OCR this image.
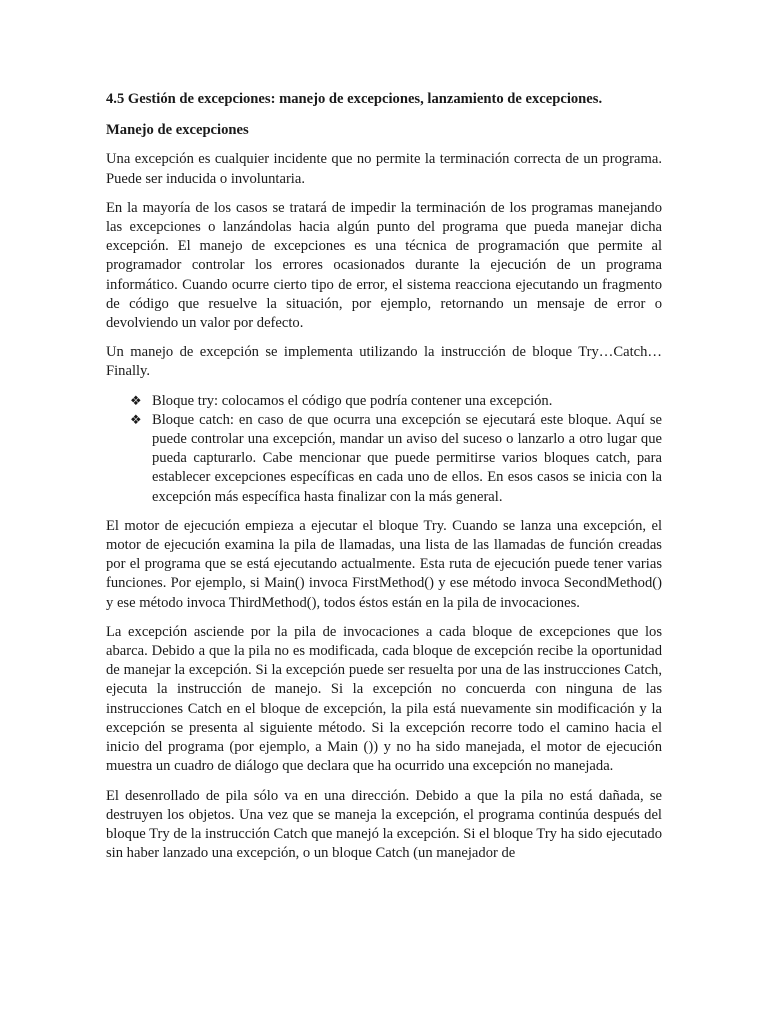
4.5 Gestión de excepciones: manejo de excepciones, lanzamiento de excepciones.
Manejo de excepciones

Una excepción es cualquier incidente que no permite la terminación correcta de un programa. Puede ser inducida o involuntaria.

En la mayoría de los casos se tratará de impedir la terminación de los programas manejando las excepciones o lanzándolas hacia algún punto del programa que pueda manejar dicha excepción. El manejo de excepciones es una técnica de programación que permite al programador controlar los errores ocasionados durante la ejecución de un programa informático. Cuando ocurre cierto tipo de error, el sistema reacciona ejecutando un fragmento de código que resuelve la situación, por ejemplo, retornando un mensaje de error o devolviendo un valor por defecto.

Un manejo de excepción se implementa utilizando la instrucción de bloque Try…Catch…Finally.

❖ Bloque try: colocamos el código que podría contener una excepción.
❖ Bloque catch: en caso de que ocurra una excepción se ejecutará este bloque. Aquí se puede controlar una excepción, mandar un aviso del suceso o lanzarlo a otro lugar que pueda capturarlo. Cabe mencionar que puede permitirse varios bloques catch, para establecer excepciones específicas en cada uno de ellos. En esos casos se inicia con la excepción más específica hasta finalizar con la más general.

El motor de ejecución empieza a ejecutar el bloque Try. Cuando se lanza una excepción, el motor de ejecución examina la pila de llamadas, una lista de las llamadas de función creadas por el programa que se está ejecutando actualmente. Esta ruta de ejecución puede tener varias funciones. Por ejemplo, si Main() invoca FirstMethod() y ese método invoca SecondMethod() y ese método invoca ThirdMethod(), todos éstos están en la pila de invocaciones.

La excepción asciende por la pila de invocaciones a cada bloque de excepciones que los abarca. Debido a que la pila no es modificada, cada bloque de excepción recibe la oportunidad de manejar la excepción. Si la excepción puede ser resuelta por una de las instrucciones Catch, ejecuta la instrucción de manejo. Si la excepción no concuerda con ninguna de las instrucciones Catch en el bloque de excepción, la pila está nuevamente sin modificación y la excepción se presenta al siguiente método. Si la excepción recorre todo el camino hacia el inicio del programa (por ejemplo, a Main ()) y no ha sido manejada, el motor de ejecución muestra un cuadro de diálogo que declara que ha ocurrido una excepción no manejada.

El desenrollado de pila sólo va en una dirección. Debido a que la pila no está dañada, se destruyen los objetos. Una vez que se maneja la excepción, el programa continúa después del bloque Try de la instrucción Catch que manejó la excepción. Si el bloque Try ha sido ejecutado sin haber lanzado una excepción, o un bloque Catch (un manejador de
